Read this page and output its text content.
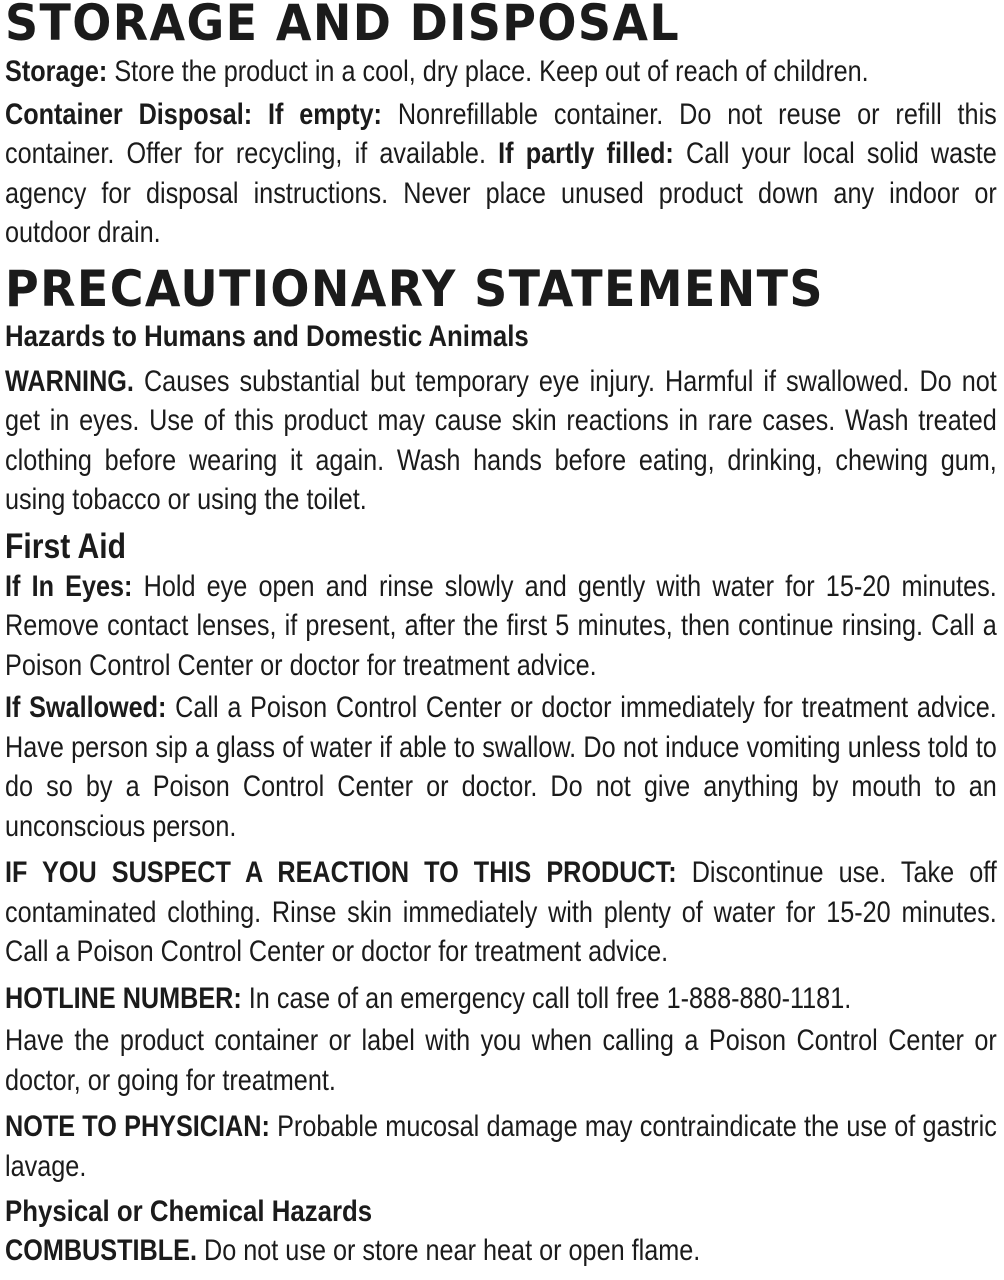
STORAGE AND DISPOSAL

Storage: Store the product in a cool, dry place. Keep out of reach of children.

Container Disposal: If empty: Nonrefillable container. Do not reuse or refill this container. Offer for recycling, if available. If partly filled: Call your local solid waste agency for disposal instructions. Never place unused product down any indoor or outdoor drain.

PRECAUTIONARY STATEMENTS
Hazards to Humans and Domestic Animals

WARNING. Causes substantial but temporary eye injury. Harmful if swallowed. Do not get in eyes. Use of this product may cause skin reactions in rare cases. Wash treated clothing before wearing it again. Wash hands before eating, drinking, chewing gum, using tobacco or using the toilet.

First Aid

If In Eyes: Hold eye open and rinse slowly and gently with water for 15-20 minutes. Remove contact lenses, if present, after the first 5 minutes, then continue rinsing. Call a Poison Control Center or doctor for treatment advice.

If Swallowed: Call a Poison Control Center or doctor immediately for treatment advice. Have person sip a glass of water if able to swallow. Do not induce vomiting unless told to do so by a Poison Control Center or doctor. Do not give anything by mouth to an unconscious person.

IF YOU SUSPECT A REACTION TO THIS PRODUCT: Discontinue use. Take off contaminated clothing. Rinse skin immediately with plenty of water for 15-20 minutes. Call a Poison Control Center or doctor for treatment advice.

HOTLINE NUMBER: In case of an emergency call toll free 1-888-880-1181.

Have the product container or label with you when calling a Poison Control Center or doctor, or going for treatment.

NOTE TO PHYSICIAN: Probable mucosal damage may contraindicate the use of gastric lavage.

Physical or Chemical Hazards

COMBUSTIBLE. Do not use or store near heat or open flame.
